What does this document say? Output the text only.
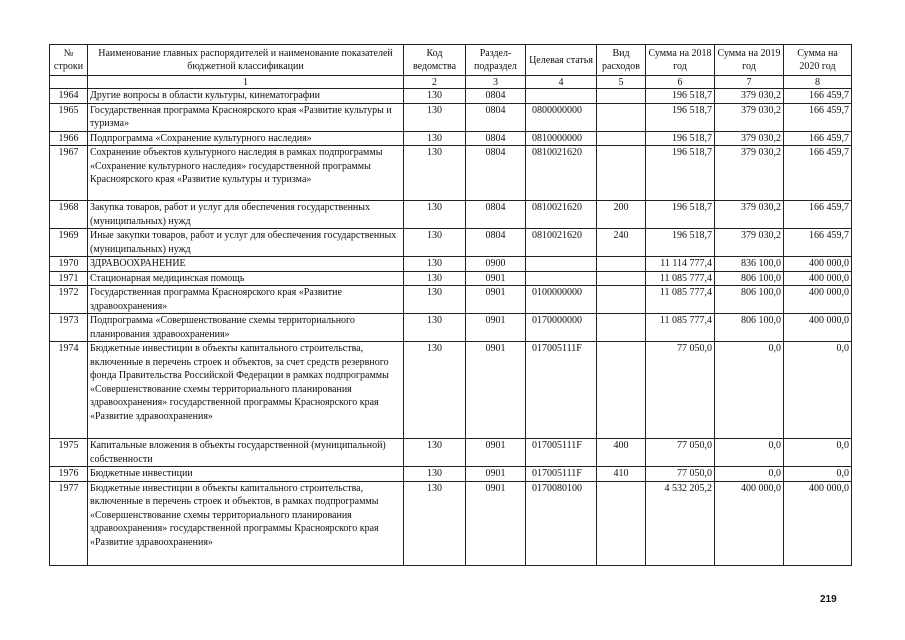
№ строки	Наименование главных распорядителей и наименование показателей бюджетной классификации	Код ведомства	Раздел-подраздел	Целевая статья	Вид расходов	Сумма на 2018 год	Сумма на 2019 год	Сумма на 2020 год
	1	2	3	4	5	6	7	8
1964	Другие вопросы в области культуры, кинематографии	130	0804			196 518,7	379 030,2	166 459,7
1965	Государственная программа Красноярского края «Развитие культуры и туризма»	130	0804	0800000000		196 518,7	379 030,2	166 459,7
1966	Подпрограмма «Сохранение культурного наследия»	130	0804	0810000000		196 518,7	379 030,2	166 459,7
1967	Сохранение объектов культурного наследия в рамках подпрограммы «Сохранение культурного наследия» государственной программы Красноярского края «Развитие культуры и туризма»	130	0804	0810021620		196 518,7	379 030,2	166 459,7
1968	Закупка товаров, работ и услуг для обеспечения государственных (муниципальных) нужд	130	0804	0810021620	200	196 518,7	379 030,2	166 459,7
1969	Иные закупки товаров, работ и услуг для обеспечения государственных (муниципальных) нужд	130	0804	0810021620	240	196 518,7	379 030,2	166 459,7
1970	ЗДРАВООХРАНЕНИЕ	130	0900			11 114 777,4	836 100,0	400 000,0
1971	Стационарная медицинская помощь	130	0901			11 085 777,4	806 100,0	400 000,0
1972	Государственная программа Красноярского края «Развитие здравоохранения»	130	0901	0100000000		11 085 777,4	806 100,0	400 000,0
1973	Подпрограмма «Совершенствование схемы территориального планирования здравоохранения»	130	0901	0170000000		11 085 777,4	806 100,0	400 000,0
1974	Бюджетные инвестиции в объекты капитального строительства, включенные в перечень строек и объектов, за счет средств резервного фонда Правительства Российской Федерации в рамках подпрограммы «Совершенствование схемы территориального планирования здравоохранения» государственной программы Красноярского края «Развитие здравоохранения»	130	0901	017005111F		77 050,0	0,0	0,0
1975	Капитальные вложения в объекты государственной (муниципальной) собственности	130	0901	017005111F	400	77 050,0	0,0	0,0
1976	Бюджетные инвестиции	130	0901	017005111F	410	77 050,0	0,0	0,0
1977	Бюджетные инвестиции в объекты капитального строительства, включенные в перечень строек и объектов, в рамках подпрограммы «Совершенствование схемы территориального планирования здравоохранения» государственной программы Красноярского края «Развитие здравоохранения»	130	0901	0170080100		4 532 205,2	400 000,0	400 000,0
219
